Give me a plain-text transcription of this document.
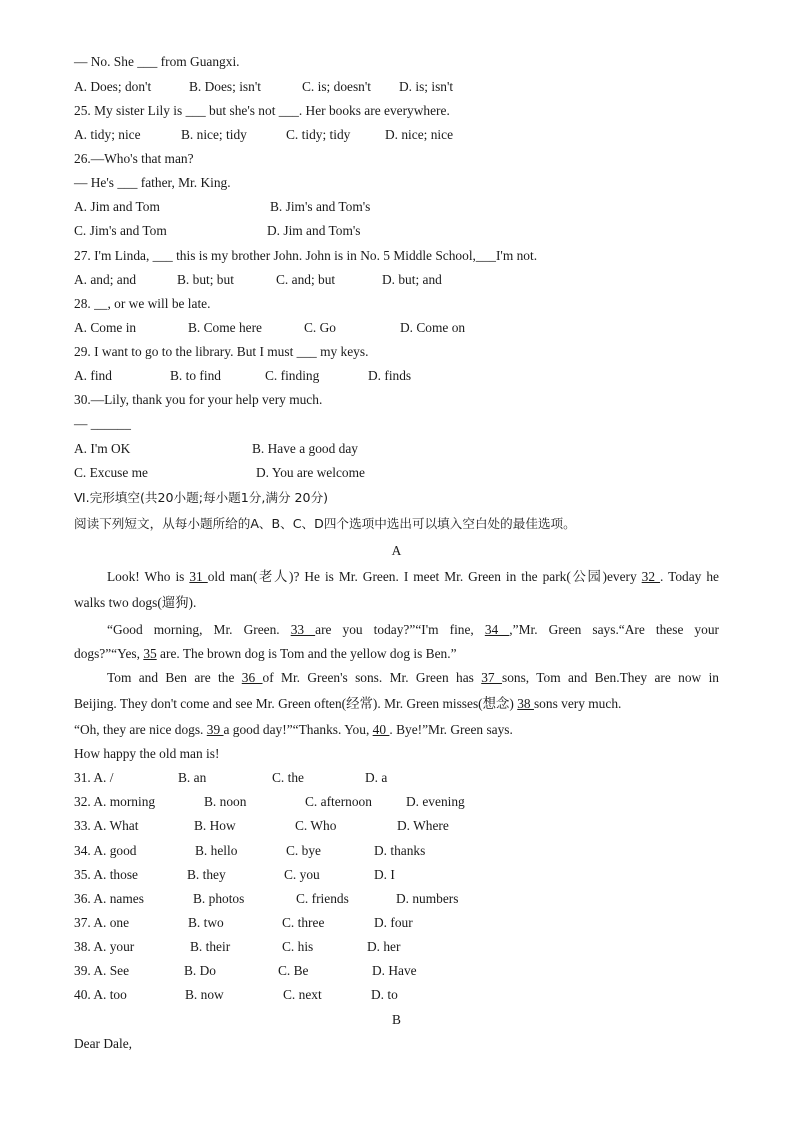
— No. She ___ from Guangxi.
A. Does; don't	B. Does; isn't	C. is; doesn't D. is; isn't
25. My sister Lily is ___ but she's not ___. Her books are everywhere.
A. tidy; nice	B. nice; tidy	C. tidy; tidy	D. nice; nice
26.—Who's that man?
— He's ___ father, Mr. King.
A. Jim and Tom	B. Jim's and Tom's
C. Jim's and Tom	D. Jim and Tom's
27. I'm Linda, ___ this is my brother John. John is in No. 5 Middle School,___I'm not.
A. and; and	B. but; but	C. and; but	D. but; and
28. __, or we will be late.
A. Come in	B. Come here	C. Go	D. Come on
29. I want to go to the library. But I must ___ my keys.
A. find	B. to find	C. finding	D. finds
30.—Lily, thank you for your help very much.
— ______
A. I'm OK	B. Have a good day
C. Excuse me	D. You are welcome
Ⅵ.完形填空(共20小题;每小题1分,满分 20分)
阅读下列短文，从每小题所给的A、B、C、D四个选项中选出可以填入空白处的最佳选项。
A
Look! Who is 31 old man(老人)? He is Mr. Green. I meet Mr. Green in the park(公园)every 32 . Today he
walks two dogs(遛狗).
“Good morning, Mr. Green. 33 are you today?”“I'm fine, 34 ,”Mr. Green says.“Are these your
dogs?”“Yes, 35 are. The brown dog is Tom and the yellow dog is Ben.”
Tom and Ben are the 36 of Mr. Green's sons. Mr. Green has 37 sons, Tom and Ben.They are now in
Beijing. They don't come and see Mr. Green often(经常). Mr. Green misses(想念) 38 sons very much.
“Oh, they are nice dogs. 39 a good day!”“Thanks. You, 40 . Bye!”Mr. Green says.
How happy the old man is!
31. A. /	B. an	C. the	D. a
32. A. morning	B. noon	C. afternoon	D. evening
33. A. What	B. How	C. Who	D. Where
34. A. good	B. hello	C. bye	D. thanks
35. A. those	B. they	C. you	D. I
36. A. names	B. photos	C. friends	D. numbers
37. A. one	B. two	C. three	D. four
38. A. your	B. their	C. his	D. her
39. A. See	B. Do	C. Be	D. Have
40. A. too	B. now	C. next	D. to
B
Dear Dale,
